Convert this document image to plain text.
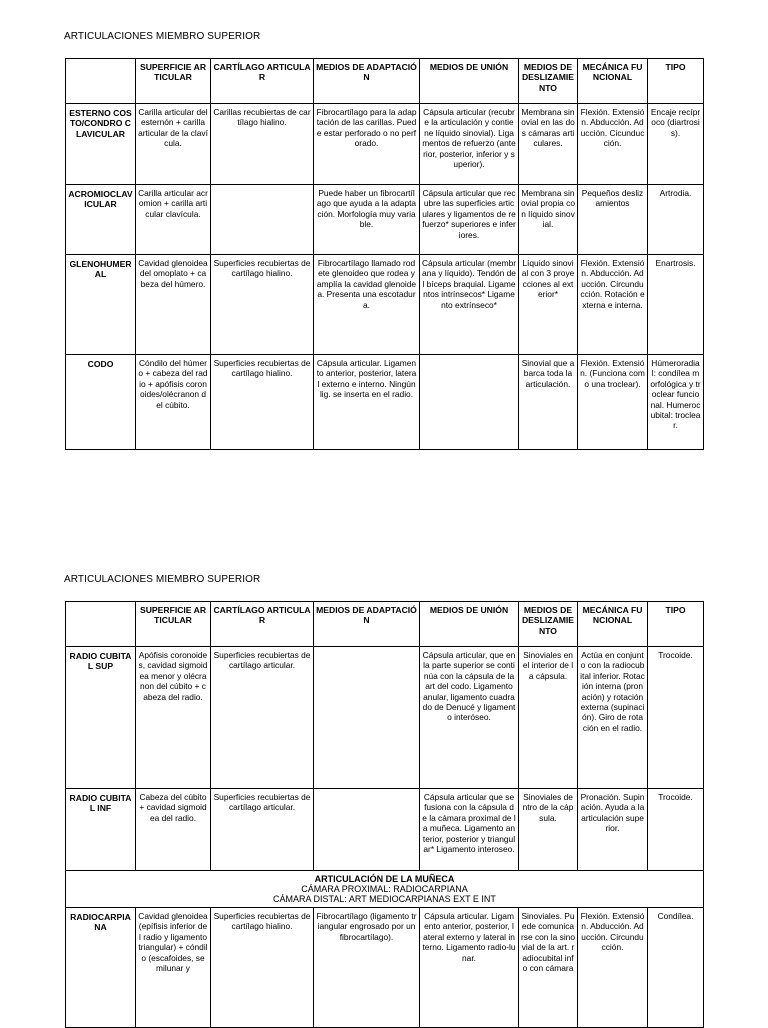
ARTICULACIONES MIEMBRO SUPERIOR
	SUPERFICIE ARTICULAR	CARTÍLAGO ARTICULAR	MEDIOS DE ADAPTACIÓN	MEDIOS DE UNIÓN	MEDIOS DE DESLIZAMIENTO	MECÁNICA FUNCIONAL	TIPO
ESTERNO COSTO/CONDRO CLAVICULAR	Carilla articular del esternón + carilla articular de la clavícula.	Carillas recubiertas de cartílago hialino.	Fibrocartílago para la adaptación de las carillas. Puede estar perforado o no perforado.	Cápsula articular (recubre la articulación y contiene líquido sinovial). Ligamentos de refuerzo (anterior, posterior, inferior y superior).	Membrana sinovial en las dos cámaras articulares.	Flexión. Extensión. Abducción. Aducción. Cicunducción.	Encaje recíproco (diartrosis).
ACROMIOCLAVICULAR	Carilla articular acromion + carilla articular clavícula.		Puede haber un fibrocartílago que ayuda a la adaptación. Morfología muy variable.	Cápsula articular que recubre las superficies articulares y ligamentos de refuerzo* superiores e inferiores.	Membrana sinovial propia con líquido sinovial.	Pequeños deslizamientos	Artrodia.
GLENOHUMERAL	Cavidad glenoidea del omoplato + cabeza del húmero.	Superficies recubiertas de cartílago hialino.	Fibrocartílago llamado rodete glenoideo que rodea y amplía la cavidad glenoidea. Presenta una escotadura.	Cápsula articular (membrana y líquido). Tendón del bíceps braquial. Ligamentos intrínsecos* Ligamento extrínseco*	Líquido sinovial con 3 proyecciones al exterior*	Flexión. Extensión. Abducción. Aducción. Circunducción. Rotación externa e interna.	Enartrosis.
CODO	Cóndilo del húmero + cabeza del radio + apófisis coronoides/olécranon del cúbito.	Superficies recubiertas de cartílago hialino.	Cápsula articular. Ligamento anterior, posterior, lateral externo e interno. Ningún lig. se inserta en el radio.		Sinovial que abarca toda la articulación.	Flexión. Extensión. (Funciona como una troclear).	Húmeroradial: condílea morfológica y troclear funcional. Humerocubital: troclear.
ARTICULACIONES MIEMBRO SUPERIOR
	SUPERFICIE ARTICULAR	CARTÍLAGO ARTICULAR	MEDIOS DE ADAPTACIÓN	MEDIOS DE UNIÓN	MEDIOS DE DESLIZAMIENTO	MECÁNICA FUNCIONAL	TIPO
RADIO CUBITAL SUP	Apófisis coronoides, cavidad sigmoidea menor y olécranon del cúbito + cabeza del radio.	Superficies recubiertas de cartílago articular.		Cápsula articular, que en la parte superior se continúa con la cápsula de la art del codo. Ligamento anular, ligamento cuadrado de Denucé y ligamento interóseo.	Sinoviales en el interior de la cápsula.	Actúa en conjunto con la radiocubital inferior. Rotación interna (pronación) y rotación externa (supinación). Giro de rotación en el radio.	Trocoide.
RADIO CUBITAL INF	Cabeza del cúbito + cavidad sigmoidea del radio.	Superficies recubiertas de cartílago articular.		Cápsula articular que se fusiona con la cápsula de la cámara proximal de la muñeca. Ligamento anterior, posterior y triangular* Ligamento interoseo.	Sinoviales dentro de la cápsula.	Pronación. Supinación. Ayuda a la articulación superior.	Trocoide.

ARTICULACIÓN DE LA MUÑECA
CÁMARA PROXIMAL: RADIOCARPIANA
CÁMARA DISTAL: ART MEDIOCARPIANAS EXT E INT							

RADIOCARPIANA	Cavidad glenoidea (epífisis inferior del radio y ligamento triangular) + cóndilo (escafoides, semilunar y	Superficies recubiertas de cartílago hialino.	Fibrocartílago (ligamento triangular engrosado por un fibrocartílago).	Cápsula articular. Ligamento anterior, posterior, lateral externo y lateral interno. Ligamento radio-lunar.	Sinoviales. Puede comunicarse con la sinovial de la art. radiocubital inf o con cámara	Flexión. Extensión. Abducción. Aducción. Circunducción.	Condílea.
